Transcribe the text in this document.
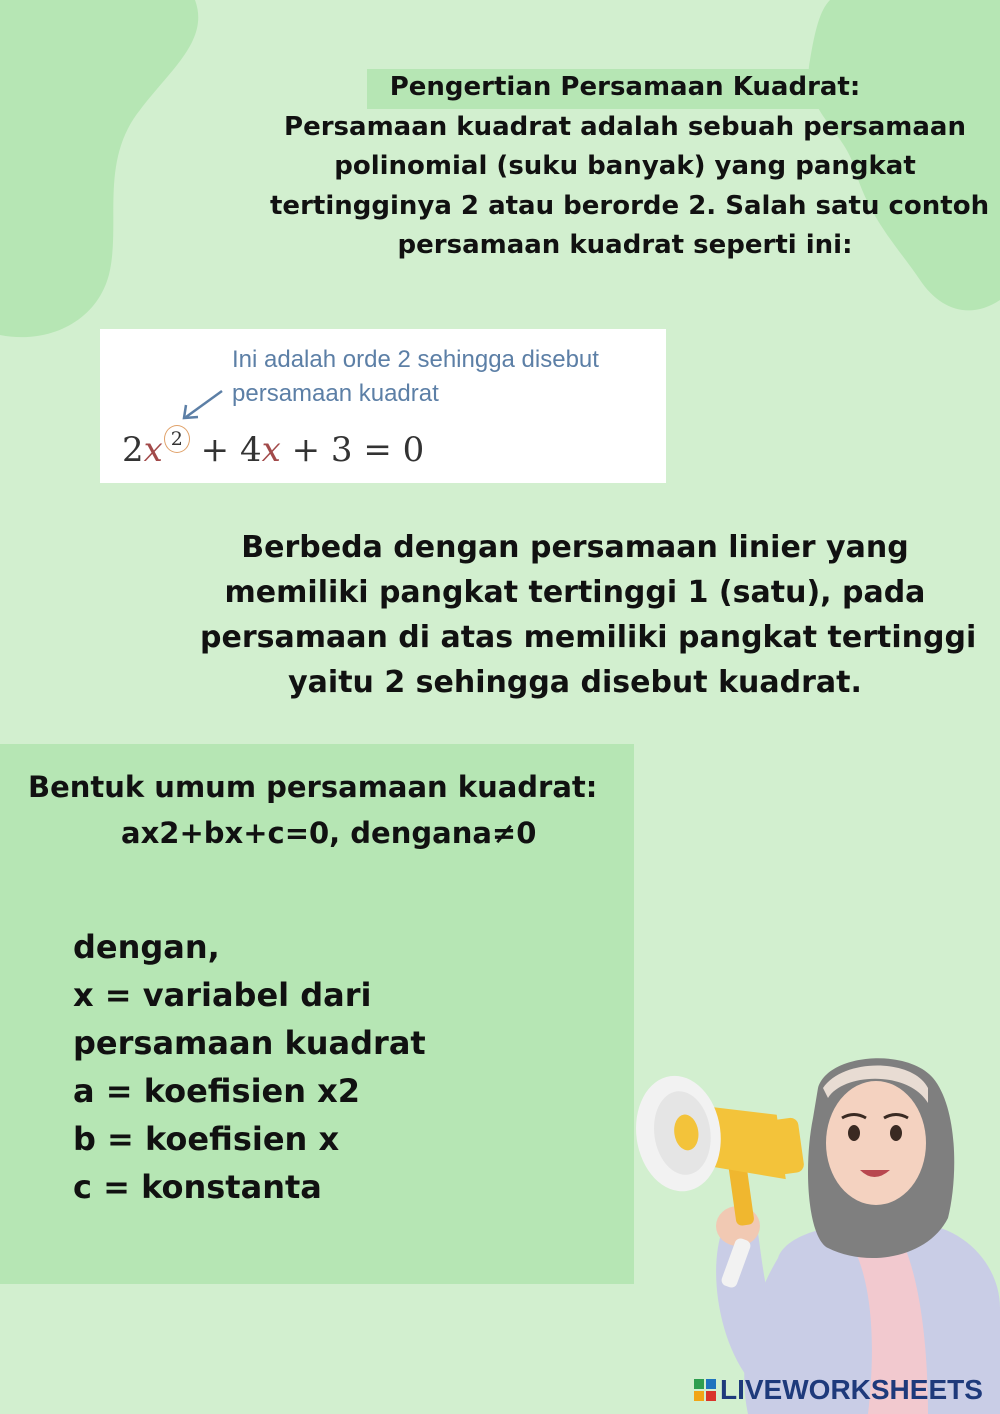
Pengertian Persamaan Kuadrat:
Persamaan kuadrat adalah sebuah persamaan
polinomial (suku banyak) yang pangkat
tertingginya 2 atau berorde 2. Salah satu contoh
persamaan kuadrat seperti ini:
Ini adalah orde 2 sehingga disebut
persamaan kuadrat
2x $^2$ + 4x + 3 = 0
Berbeda dengan persamaan linier yang
memiliki pangkat tertinggi 1 (satu), pada
persamaan di atas memiliki pangkat tertinggi
yaitu 2 sehingga disebut kuadrat.
Bentuk umum persamaan kuadrat:
ax2+bx+c=0, dengana≠0
dengan,
x = variabel dari
persamaan kuadrat
a = koefisien x2
b = koefisien x
c = konstanta
LIVEWORKSHEETS
